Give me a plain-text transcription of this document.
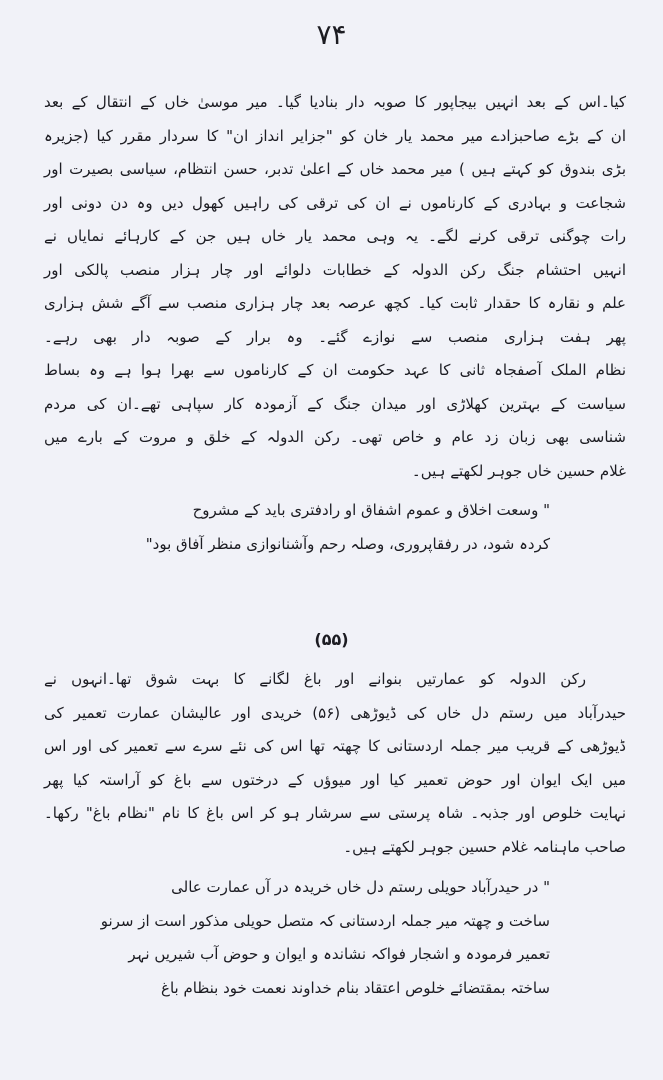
۷۴
کیا۔اس کے بعد انہیں بیجاپور کا صوبہ دار بنادیا گیا۔ میر موسیٰ خاں کے انتقال کے بعد
ان کے بڑے صاحبزادے میر محمد یار خان کو "جزایر انداز ان" کا سردار مقرر کیا (جزیرہ
بڑی بندوق کو کہتے ہیں ) میر محمد خاں کے اعلیٰ تدبر، حسن انتظام، سیاسی بصیرت اور
شجاعت و بہادری کے کارناموں نے ان کی ترقی کی راہیں کھول دیں وہ دن دونی اور
رات چوگنی ترقی کرنے لگے۔ یہ وہی محمد یار خاں ہیں جن کے کارہائے نمایاں نے
انہیں احتشام جنگ رکن الدولہ کے خطابات دلوائے اور چار ہزار منصب پالکی اور
علم و نقارہ کا حقدار ثابت کیا۔ کچھ عرصہ بعد چار ہزاری منصب سے آگے شش ہزاری
پھر ہفت ہزاری منصب سے نوازے گئے۔ وہ برار کے صوبہ دار بھی رہے۔
نظام الملک آصفجاہ ثانی کا عہد حکومت ان کے کارناموں سے بھرا ہوا ہے وہ بساط
سیاست کے بہترین کھلاڑی اور میدان جنگ کے آزمودہ کار سپاہی تھے۔ان کی مردم
شناسی بھی زبان زد عام و خاص تھی۔ رکن الدولہ کے خلق و مروت کے بارے میں
غلام حسین خاں جوہر لکھتے ہیں۔
" وسعت اخلاق و عموم اشفاق او رادفتری باید کے مشروح
کردہ شود، در رفقاپروری، وصلہ رحم وآشنانوازی منظر آفاق بود"
(۵۵)
رکن الدولہ کو عمارتیں بنوانے اور باغ لگانے کا بہت شوق تھا۔انہوں نے
حیدرآباد میں رستم دل خاں کی ڈیوڑھی (۵۶) خریدی اور عالیشان عمارت تعمیر کی
ڈیوڑھی کے قریب میر جملہ اردستانی کا چھتہ تھا اس کی نئے سرے سے تعمیر کی اور اس
میں ایک ایوان اور حوض تعمیر کیا اور میوؤں کے درختوں سے باغ کو آراستہ کیا پھر
نہایت خلوص اور جذبہ۔ شاہ پرستی سے سرشار ہو کر اس باغ کا نام "نظام باغ" رکھا۔
صاحب ماہنامہ غلام حسین جوہر لکھتے ہیں۔
" در حیدرآباد حویلی رستم دل خاں خریدہ در آں عمارت عالی
ساخت و چھتہ میر جملہ اردستانی کہ متصل حویلی مذکور است از سرنو
تعمیر فرمودہ و اشجار فواکہ نشاندہ و ایوان و حوض آب شیریں نہر
ساختہ بمقتضائے خلوص اعتقاد بنام خداوند نعمت خود بنظام باغ
